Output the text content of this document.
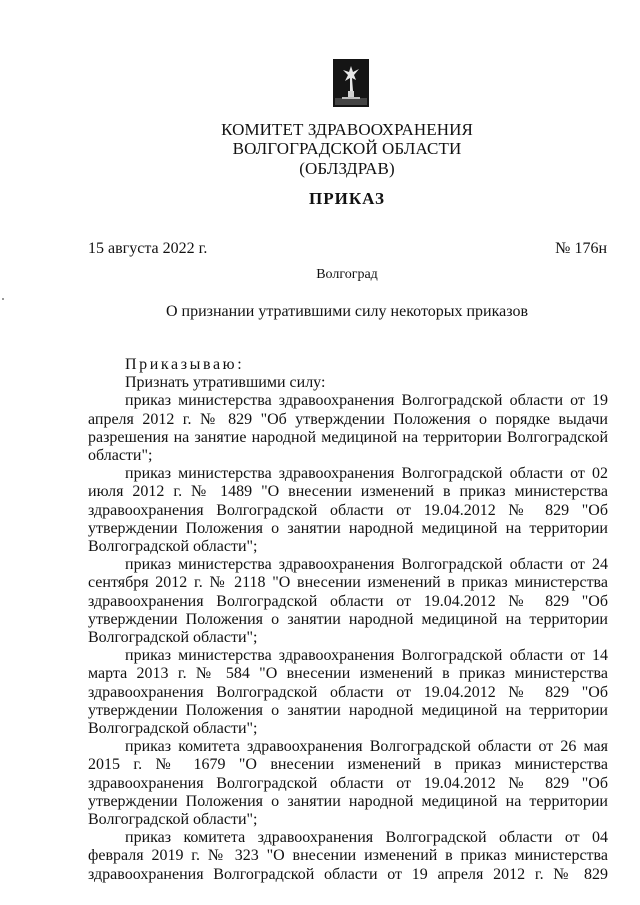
КОМИТЕТ ЗДРАВООХРАНЕНИЯ
ВОЛГОГРАДСКОЙ ОБЛАСТИ
(ОБЛЗДРАВ)
ПРИКАЗ
15 августа 2022 г.	№ 176н
Волгоград
О признании утратившими силу некоторых приказов

Приказываю:

Признать утратившими силу:

приказ министерства здравоохранения Волгоградской области от 19 апреля 2012 г. № 829 "Об утверждении Положения о порядке выдачи разрешения на занятие народной медициной на территории Волгоградской области";

приказ министерства здравоохранения Волгоградской области от 02 июля 2012 г. № 1489 "О внесении изменений в приказ министерства здравоохранения Волгоградской области от 19.04.2012 № 829 "Об утверждении Положения о занятии народной медициной на территории Волгоградской области";

приказ министерства здравоохранения Волгоградской области от 24 сентября 2012 г. № 2118 "О внесении изменений в приказ министерства здравоохранения Волгоградской области от 19.04.2012 № 829 "Об утверждении Положения о занятии народной медициной на территории Волгоградской области";

приказ министерства здравоохранения Волгоградской области от 14 марта 2013 г. № 584 "О внесении изменений в приказ министерства здравоохранения Волгоградской области от 19.04.2012 № 829 "Об утверждении Положения о занятии народной медициной на территории Волгоградской области";

приказ комитета здравоохранения Волгоградской области от 26 мая 2015 г. № 1679 "О внесении изменений в приказ министерства здравоохранения Волгоградской области от 19.04.2012 № 829 "Об утверждении Положения о занятии народной медициной на территории Волгоградской области";

приказ комитета здравоохранения Волгоградской области от 04 февраля 2019 г. № 323 "О внесении изменений в приказ министерства здравоохранения Волгоградской области от 19 апреля 2012 г. № 829
